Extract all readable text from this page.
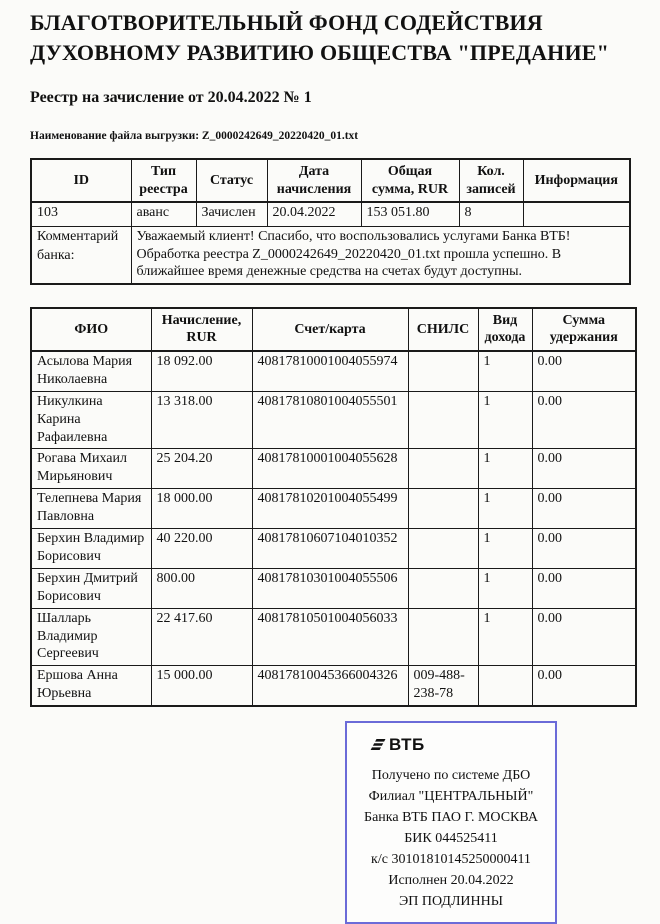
БЛАГОТВОРИТЕЛЬНЫЙ ФОНД СОДЕЙСТВИЯ
ДУХОВНОМУ РАЗВИТИЮ ОБЩЕСТВА "ПРЕДАНИЕ"
Реестр на зачисление от 20.04.2022 № 1
Наименование файла выгрузки: Z_0000242649_20220420_01.txt
ID	Тип реестра	Статус	Дата начисления	Общая сумма, RUR	Кол. записей	Информация
103	аванс	Зачислен	20.04.2022	153 051.80	8	
Комментарий банка:	Уважаемый клиент! Спасибо, что воспользовались услугами Банка ВТБ! Обработка реестра Z_0000242649_20220420_01.txt прошла успешно. В ближайшее время денежные средства на счетах будут доступны.					
ФИО	Начисление, RUR	Счет/карта	СНИЛС	Вид дохода	Сумма удержания
Асылова Мария Николаевна	18 092.00	40817810001004055974		1	0.00
Никулкина Карина Рафаилевна	13 318.00	40817810801004055501		1	0.00
Рогава Михаил Мирьянович	25 204.20	40817810001004055628		1	0.00
Телепнева Мария Павловна	18 000.00	40817810201004055499		1	0.00
Берхин Владимир Борисович	40 220.00	40817810607104010352		1	0.00
Берхин Дмитрий Борисович	800.00	40817810301004055506		1	0.00
Шалларь Владимир Сергеевич	22 417.60	40817810501004056033		1	0.00
Ершова Анна Юрьевна	15 000.00	40817810045366004326	009-488-238-78		0.00
ВТБ
Получено по системе ДБО
Филиал "ЦЕНТРАЛЬНЫЙ"
Банка ВТБ ПАО Г. МОСКВА
БИК 044525411
к/с 30101810145250000411
Исполнен 20.04.2022
ЭП ПОДЛИННЫ
